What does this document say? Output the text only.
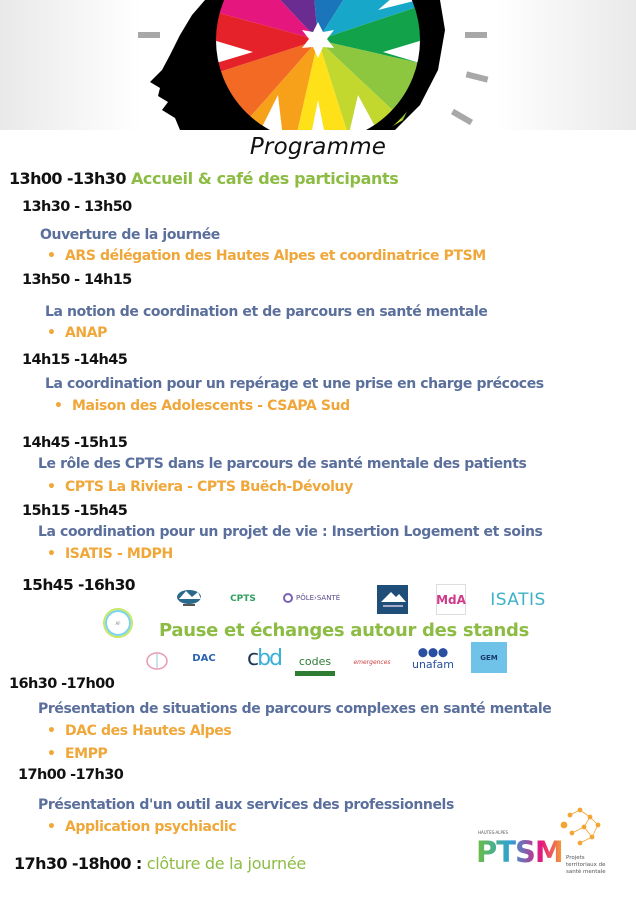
Programme
13h00 -13h30 Accueil & café des participants
13h30 - 13h50
Ouverture de la journée
• ARS délégation des Hautes Alpes et coordinatrice PTSM
13h50 - 14h15
La notion de coordination et de parcours en santé mentale
• ANAP
14h15 -14h45
La coordination pour un repérage et une prise en charge précoces
• Maison des Adolescents - CSAPA Sud
14h45 -15h15
Le rôle des CPTS dans le parcours de santé mentale des patients
• CPTS La Riviera - CPTS Buëch-Dévoluy
15h15 -15h45
La coordination pour un projet de vie : Insertion Logement et soins
• ISATIS - MDPH
15h45 -16h30
CPTS	PÔLE›SANTÉ	MdA ISATIS
AF	Pause et échanges autour des stands
DAC c bd	codes	emergences
⬤⬤⬤
unafam	GEM
16h30 -17h00
Présentation de situations de parcours complexes en santé mentale
• DAC des Hautes Alpes
• EMPP
17h00 -17h30
Présentation d'un outil aux services des professionnels
• Application psychiaclic
17h30 -18h00 : clôture de la journée
HAUTES-ALPES
PTSM Projets territoriaux de santé mentale
